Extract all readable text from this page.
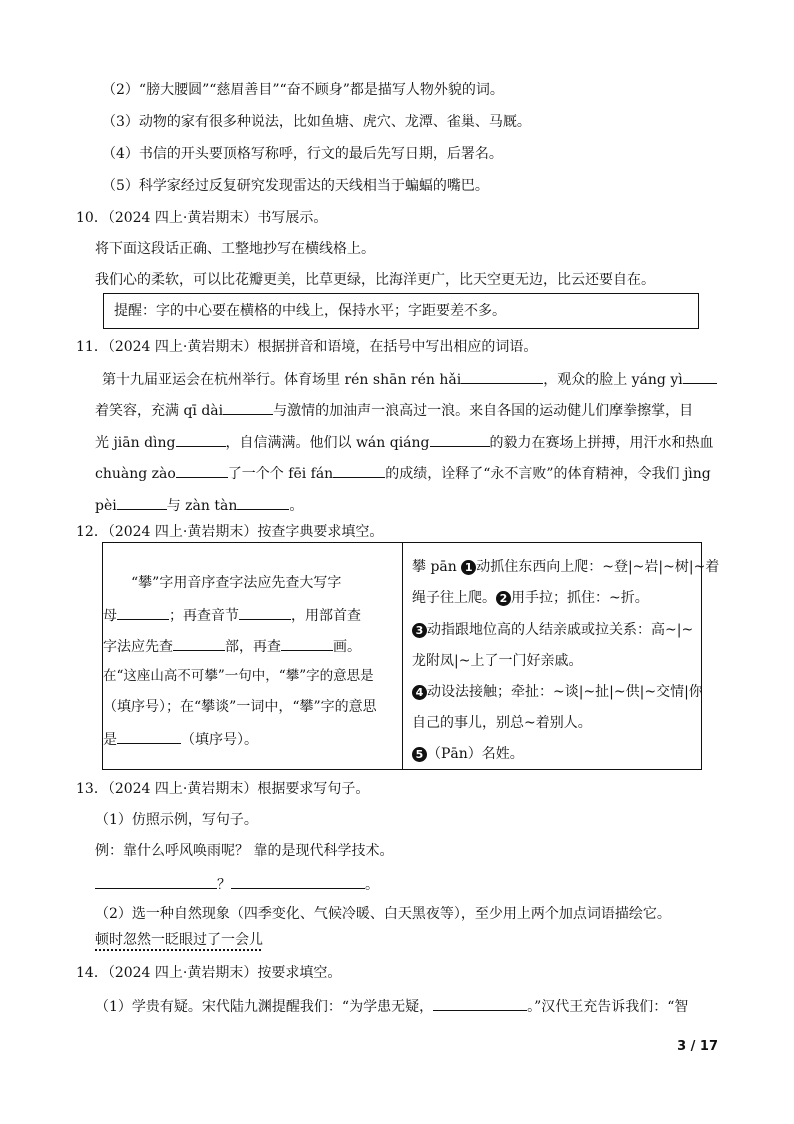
（2）“膀大腰圆”“慈眉善目”“奋不顾身”都是描写人物外貌的词。
（3）动物的家有很多种说法，比如鱼塘、虎穴、龙潭、雀巢、马厩。
（4）书信的开头要顶格写称呼，行文的最后先写日期，后署名。
（5）科学家经过反复研究发现雷达的天线相当于蝙蝠的嘴巴。
10．（2024 四上·黄岩期末）书写展示。
将下面这段话正确、工整地抄写在横线格上。
我们心的柔软，可以比花瓣更美，比草更绿，比海洋更广，比天空更无边，比云还要自在。
提醒：字的中心要在横格的中线上，保持水平；字距要差不多。
11．（2024 四上·黄岩期末）根据拼音和语境，在括号中写出相应的词语。
第十九届亚运会在杭州举行。体育场里 rén shān rén hǎi	，观众的脸上 yáng yì
着笑容，充满 qī dài	与激情的加油声一浪高过一浪。来自各国的运动健儿们摩拳擦掌，目
光 jiān dìng	，自信满满。他们以 wán qiáng	的毅力在赛场上拼搏，用汗水和热血
chuàng zào	了一个个 fēi fán	的成绩，诠释了“永不言败”的体育精神，令我们 jìng
pèi	与 zàn tàn	。
12．（2024 四上·黄岩期末）按查字典要求填空。
“攀”字用音序查字法应先查大写字
母	；再查音节	，用部首查
字法应先查	部，再查	画。
在“这座山高不可攀”一句中，“攀”字的意思是
（填序号）；在“攀谈”一词中，“攀”字的意思
是	（填序号）。
攀 pān 1 动抓住东西向上爬：~登|~岩|~树|~着
绳子往上爬。 2 用手拉；抓住：~折。
3 动指跟地位高的人结亲戚或拉关系：高~|~
龙附凤|~上了一门好亲戚。
4 动设法接触；牵扯：~谈|~扯|~供|~交情|你
自己的事儿，别总~着别人。
5 （Pān）名姓。
13．（2024 四上·黄岩期末）根据要求写句子。
（1）仿照示例，写句子。
例：靠什么呼风唤雨呢？ 靠的是现代科学技术。
？	。
（2）选一种自然现象（四季变化、气候冷暖、白天黑夜等），至少用上两个加点词语描绘它。
顿时忽然一眨眼过了一会儿
14．（2024 四上·黄岩期末）按要求填空。
（1）学贵有疑。宋代陆九渊提醒我们：“为学患无疑，	。”汉代王充告诉我们：“智
3 / 17
